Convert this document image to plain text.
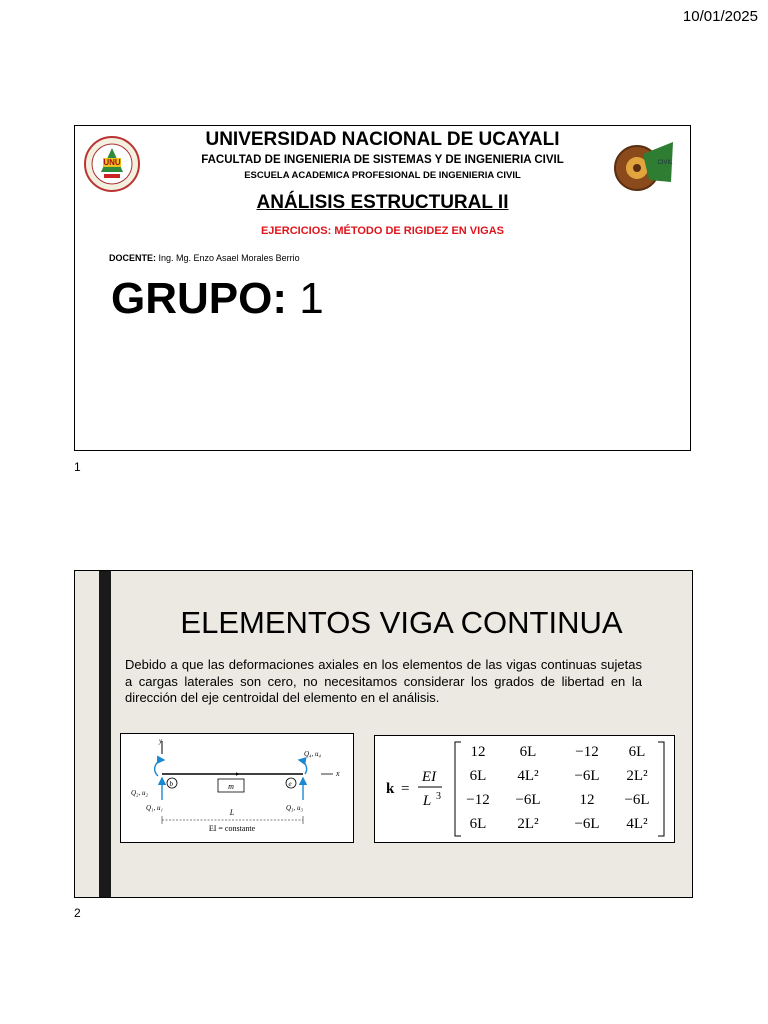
10/01/2025
UNU
UNIVERSIDAD NACIONAL DE UCAYALI
FACULTAD DE INGENIERIA DE SISTEMAS Y DE INGENIERIA CIVIL
ESCUELA ACADEMICA PROFESIONAL DE INGENIERIA CIVIL
ANÁLISIS ESTRUCTURAL II
EJERCICIOS: MÉTODO DE RIGIDEZ EN VIGAS
DOCENTE: Ing. Mg. Enzo Asael Morales Berrio
GRUPO: 1
CIVIL
1
ELEMENTOS VIGA CONTINUA
Debido a que las deformaciones axiales en los elementos de las vigas continuas sujetas a cargas laterales son cero, no necesitamos considerar los grados de libertad en la dirección del eje centroidal del elemento en el análisis.
y
x
b	e
m
Q₄, u₄
Q₂, u₂
Q₁, u₁	Q₃, u₃
L
EI = constante
k =
EI
L 3
12 6L	−12 6L
6L 4L² −6L 2L²
−12 −6L	12 −6L
6L 2L² −6L 4L²
2
